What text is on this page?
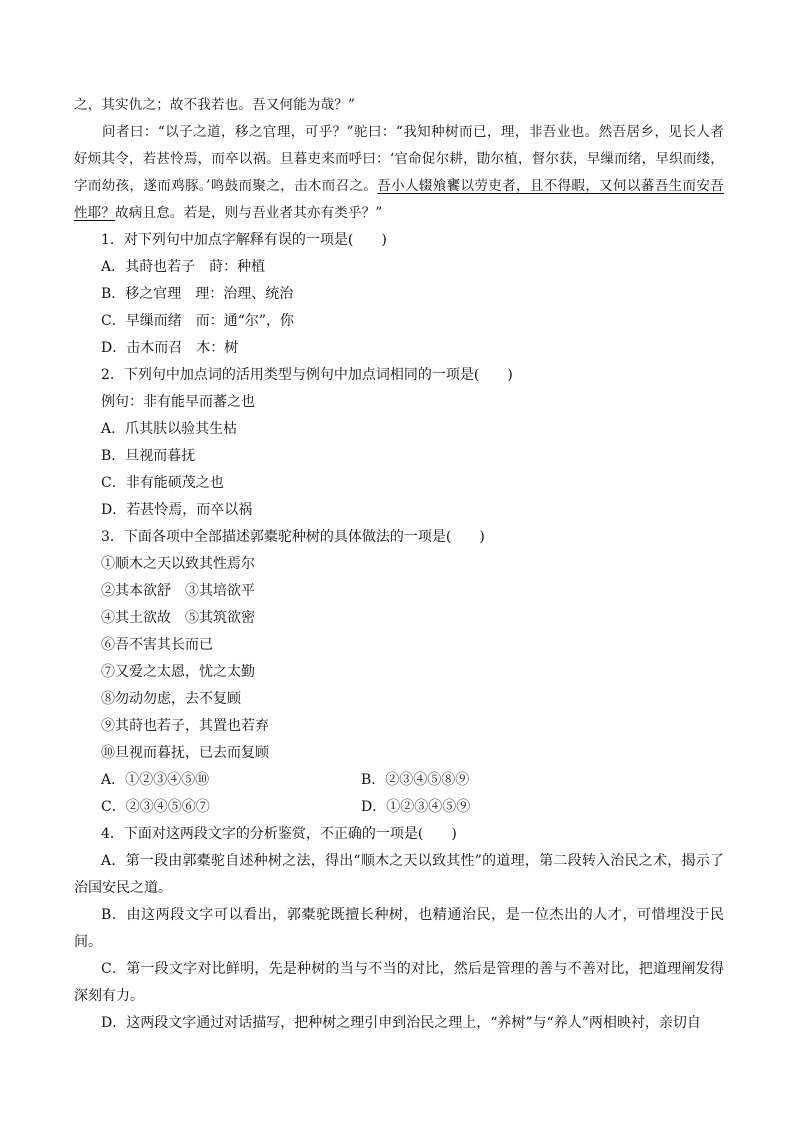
之，其实仇之；故不我若也。吾又何能为哉？”

问者曰：“以子之道，移之官理，可乎？”驼曰：“我知种树而已，理，非吾业也。然吾居乡，见长人者好烦其令，若甚怜焉，而卒以祸。旦暮吏来而呼曰：‘官命促尔耕，勖尔植，督尔获，早缫而绪，早织而缕，字而幼孩，遂而鸡豚。’鸣鼓而聚之，击木而召之。吾小人辍飧饔以劳吏者，且不得暇，又何以蕃吾生而安吾性耶？故病且怠。若是，则与吾业者其亦有类乎？”

1．对下列句中加点字解释有误的一项是(　　)
A．其莳也若子　莳：种植
B．移之官理　理：治理、统治
C．早缫而绪　而：通“尔”，你
D．击木而召　木：树
2．下列句中加点词的活用类型与例句中加点词相同的一项是(　　)
例句：非有能早而蕃之也
A．爪其肤以验其生枯
B．旦视而暮抚
C．非有能硕茂之也
D．若甚怜焉，而卒以祸
3．下面各项中全部描述郭橐驼种树的具体做法的一项是(　　)
①顺木之天以致其性焉尔
②其本欲舒　③其培欲平
④其土欲故　⑤其筑欲密
⑥吾不害其长而已
⑦又爱之太恩，忧之太勤
⑧勿动勿虑，去不复顾
⑨其莳也若子，其置也若弃
⑩旦视而暮抚，已去而复顾
A．①②③④⑤⑩	B．②③④⑤⑧⑨
C．②③④⑤⑥⑦	D．①②③④⑤⑨
4．下面对这两段文字的分析鉴赏，不正确的一项是(　　)
A．第一段由郭橐驼自述种树之法，得出“顺木之天以致其性”的道理，第二段转入治民之术，揭示了治国安民之道。
B．由这两段文字可以看出，郭橐驼既擅长种树，也精通治民，是一位杰出的人才，可惜埋没于民间。
C．第一段文字对比鲜明，先是种树的当与不当的对比，然后是管理的善与不善对比，把道理阐发得深刻有力。
D．这两段文字通过对话描写，把种树之理引申到治民之理上，“养树”与“养人”两相映衬，亲切自
